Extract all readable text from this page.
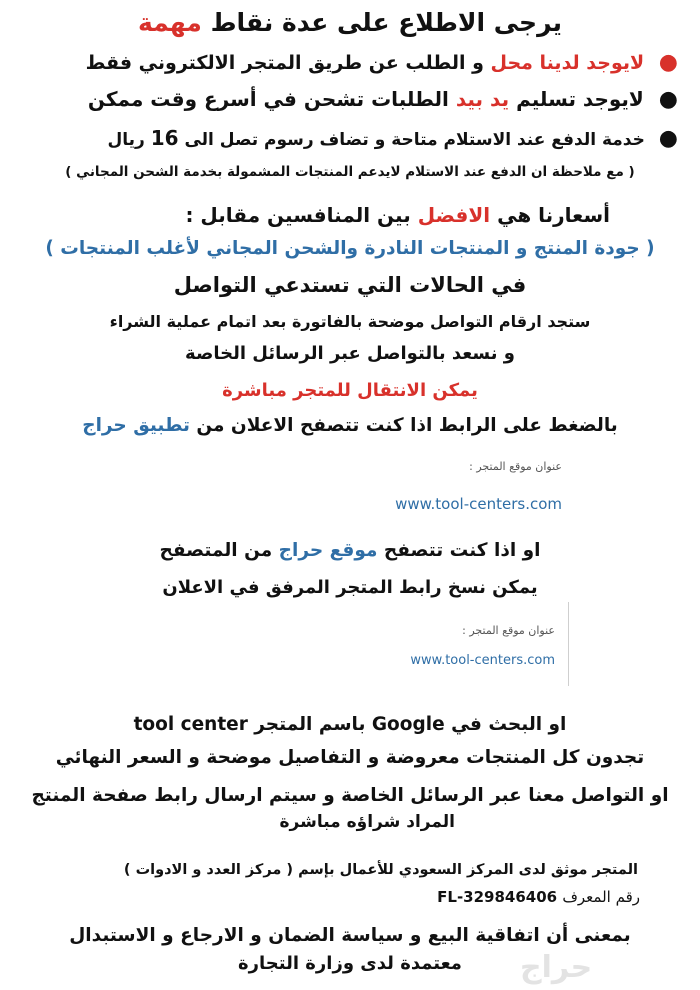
يرجى الاطلاع على عدة نقاط مهمة
● لايوجد لدينا محل و الطلب عن طريق المتجر الالكتروني فقط
● لايوجد تسليم يد بيد الطلبات تشحن في أسرع وقت ممكن
● خدمة الدفع عند الاستلام متاحة و تضاف رسوم تصل الى 16 ريال
( مع ملاحظة ان الدفع عند الاستلام لايدعم المنتجات المشمولة بخدمة الشحن المجاني )
أسعارنا هي الافضل بين المنافسين مقابل :
( جودة المنتج و المنتجات النادرة والشحن المجاني لأغلب المنتجات )
في الحالات التي تستدعي التواصل
ستجد ارقام التواصل موضحة بالفاتورة بعد اتمام عملية الشراء
و نسعد بالتواصل عبر الرسائل الخاصة
يمكن الانتقال للمتجر مباشرة
بالضغط على الرابط اذا كنت تتصفح الاعلان من تطبيق حراج
عنوان موقع المتجر :
www.tool-centers.com
او اذا كنت تتصفح موقع حراج من المتصفح
يمكن نسخ رابط المتجر المرفق في الاعلان
عنوان موقع المتجر :
www.tool-centers.com
او البحث في Google باسم المتجر tool center
تجدون كل المنتجات معروضة و التفاصيل موضحة و السعر النهائي
او التواصل معنا عبر الرسائل الخاصة و سيتم ارسال رابط صفحة المنتج
المراد شراؤه مباشرة
المتجر موثق لدى المركز السعودي للأعمال بإسم ( مركز العدد و الادوات )
رقم المعرف FL-329846406
بمعنى أن اتفاقية البيع و سياسة الضمان و الارجاع و الاستبدال
معتمدة لدى وزارة التجارة	حراج
